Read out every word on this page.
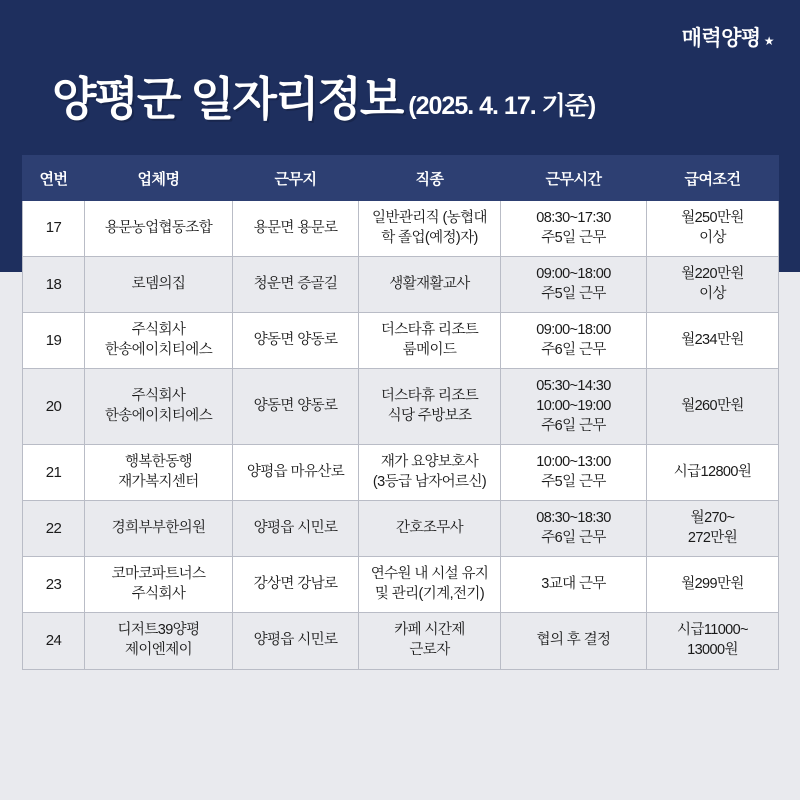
매력양평 ★
양평군 일자리정보 (2025. 4. 17. 기준)
연번	업체명	근무지	직종	근무시간	급여조건
17	용문농업협동조합	용문면 용문로	일반관리직 (농협대
학 졸업(예정)자)	08:30~17:30
주5일 근무	월250만원
이상

18	로뎀의집	청운면 증골길	생활재활교사	09:00~18:00
주5일 근무	월220만원
이상

19	주식회사
한송에이치티에스	양동면 양동로	더스타휴 리조트
룸메이드	09:00~18:00
주6일 근무	월234만원

20	주식회사
한송에이치티에스	양동면 양동로	더스타휴 리조트
식당 주방보조	05:30~14:30
10:00~19:00
주6일 근무	월260만원

21	행복한동행
재가복지센터	양평읍 마유산로	재가 요양보호사
(3등급 남자어르신)	10:00~13:00
주5일 근무	시급12800원

22	경희부부한의원	양평읍 시민로	간호조무사	08:30~18:30
주6일 근무	월270~
272만원

23	코마코파트너스
주식회사	강상면 강남로	연수원 내 시설 유지
및 관리(기계,전기)	3교대 근무	월299만원

24	디저트39양평
제이엔제이	양평읍 시민로	카페 시간제
근로자	협의 후 결정	시급11000~
13000원
